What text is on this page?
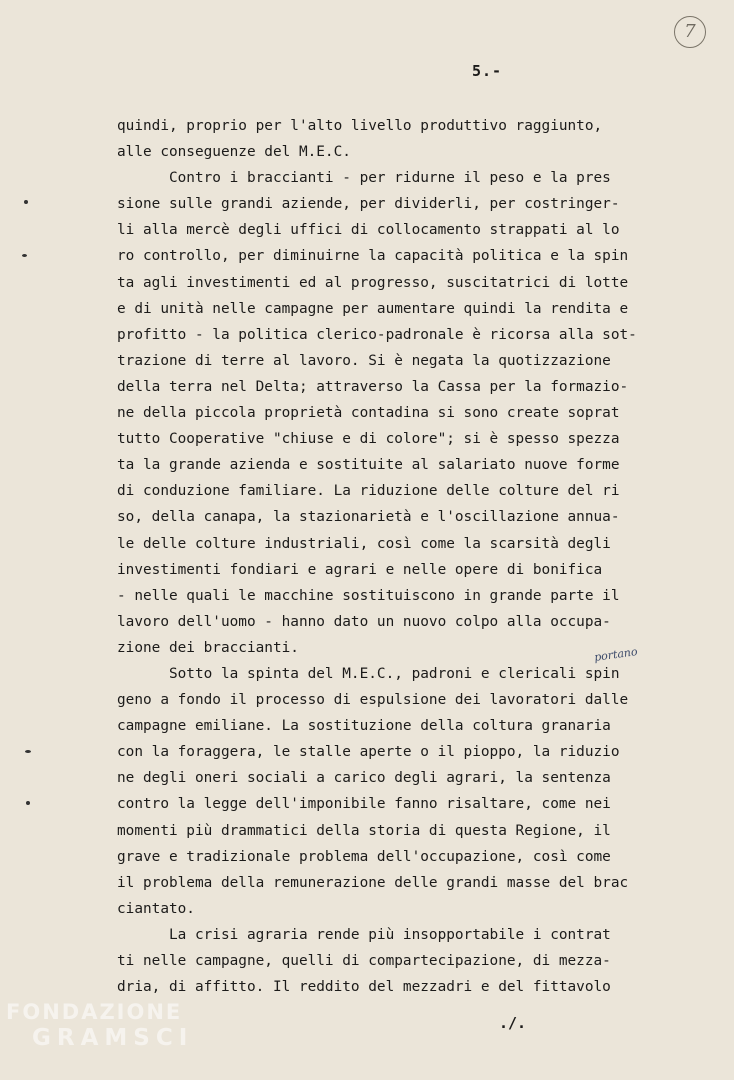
7
5.-

quindi, proprio per l'alto livello produttivo raggiunto,

alle conseguenze del M.E.C.

Contro i braccianti - per ridurne il peso e la pres

sione sulle grandi aziende, per dividerli, per costringer-

li alla mercè degli uffici di collocamento strappati al lo

ro controllo, per diminuirne la capacità politica e la spin

ta agli investimenti ed al progresso, suscitatrici di lotte

e di unità nelle campagne per aumentare quindi la rendita e

profitto - la politica clerico-padronale è ricorsa alla sot-

trazione di terre al lavoro. Si è negata la quotizzazione

della terra nel Delta; attraverso la Cassa per la formazio-

ne della piccola proprietà contadina si sono create soprat

tutto Cooperative "chiuse e di colore"; si è spesso spezza

ta la grande azienda e sostituite al salariato nuove forme

di conduzione familiare. La riduzione delle colture del ri

so, della canapa, la stazionarietà e l'oscillazione annua-

le delle colture industriali, così come la scarsità degli

investimenti fondiari e agrari e nelle opere di bonifica

- nelle quali le macchine sostituiscono in grande parte il

lavoro dell'uomo - hanno dato un nuovo colpo alla occupa-

zione dei braccianti.

Sotto la spinta del M.E.C., padroni e clericali spin

geno a fondo il processo di espulsione dei lavoratori dalle

campagne emiliane. La sostituzione della coltura granaria

con la foraggera, le stalle aperte o il pioppo, la riduzio

ne degli oneri sociali a carico degli agrari, la sentenza

contro la legge dell'imponibile fanno risaltare, come nei

momenti più drammatici della storia di questa Regione, il

grave e tradizionale problema dell'occupazione, così come

il problema della remunerazione delle grandi masse del brac

ciantato.

La crisi agraria rende più insopportabile i contrat

ti nelle campagne, quelli di compartecipazione, di mezza-

dria, di affitto. Il reddito del mezzadri e del fittavolo

portano
./.
FONDAZIONE
GRAMSCI
